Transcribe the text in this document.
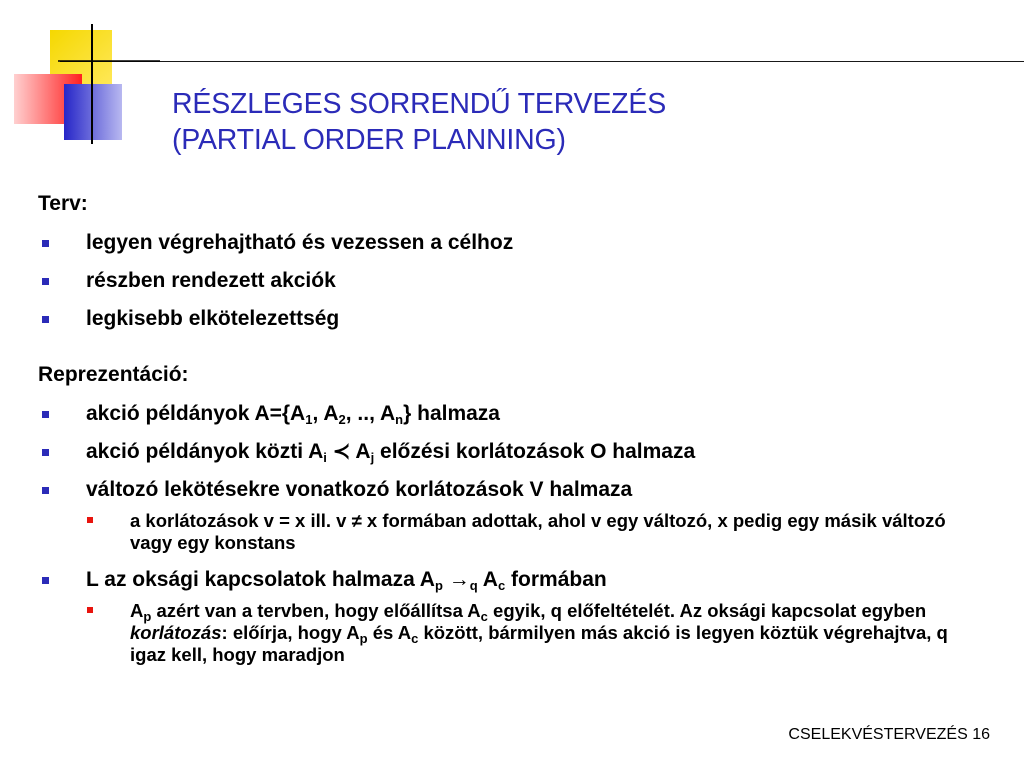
RÉSZLEGES SORRENDŰ TERVEZÉS
(PARTIAL ORDER PLANNING)
Terv:
legyen végrehajtható és vezessen a célhoz
részben rendezett akciók
legkisebb elkötelezettség
Reprezentáció:
akció példányok $A=\{A_1$, $A_2$, .., $A_n$} halmaza
akció példányok közti $A_i$ ≺ $A_j$ előzési korlátozások O halmaza
változó lekötésekre vonatkozó korlátozások V halmaza
a korlátozások v = x ill. v ≠ x formában adottak, ahol v egy változó, x pedig egy másik változó vagy egy konstans
L az oksági kapcsolatok halmaza $A_p \to_q$ $A_c$ formában
$A_p$ azért van a tervben, hogy előállítsa $A_c$ egyik, q előfeltételét. Az oksági kapcsolat egyben korlátozás: előírja, hogy $A_p$ és $A_c$ között, bármilyen más akció is legyen köztük végrehajtva, q igaz kell, hogy maradjon
CSELEKVÉSTERVEZÉS 16
